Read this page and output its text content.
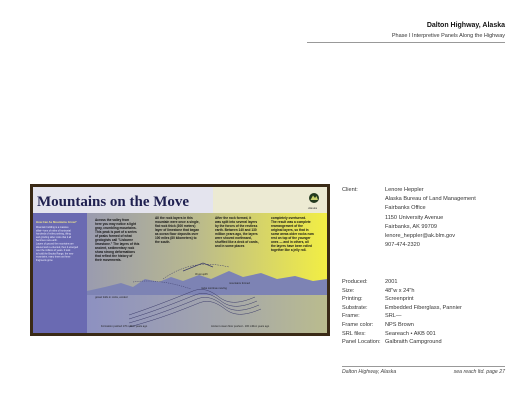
Dalton Highway, Alaska
Phase I Interpretive Panels Along the Highway
Mountains on the Move	Alaska
How Can As Mountains Grow?
Mountain building is a massive
affair—tens of miles of horizontal
hundreds of miles pushing, tilting
and grinding older rocks that it all
becomes new earth.
Layers of ground the mountains are
altered and re-oriented, then it emerged
over the millions of years. It took
to build the Brooks Range, the new
mountains, many times as these
fragments grow.
Across the valley from
here you may notice a light
gray, crumbling mountains.
This peak is part of a series
of peaks formed of what
geologists call "Lisburne
limestone." The layers of this
ancient, sedimentary rock
show strong deformations
that reflect the history of
their movements.
All the rock layers in this
mountain were once a single,
flat rock thick (300 meters)
layer of limestone that began
as ocean floor deposits over
100 miles (80 kilometers) to
the south.
After the rock formed, it
was split into several layers
by the forces of the restless
earth. Between 140 and 130
million years ago, the layers
were shoved northward,
shuffled like a deck of cards,
and in some places
completely overturned.
The result was a complete
rearrangement of the
original layers, so that in
some areas older rocks now
rest on top of the younger
ones — and in others, all
the layers have been rolled
together like a jelly roll.
thrust uplift
gravel folds in rocks, eroded
rocks continue moving
mountains formed
Formation pushed 170 million years ago	Ancient ocean floor pushed - 100 million years ago
Client:	Lenore Heppler
Alaska Bureau of Land Management
Fairbanks Office
1150 University Avenue
Fairbanks, AK 99709
lenore_heppler@ak.blm.gov
907-474-2320
Produced:	2001
Size:	48"w x 24"h
Printing:	Screenprint
Substrate:	Embedded Fiberglass, Pannier
Frame:	SRL—
Frame color: NPS Brown
SRL files:	Seareach • AKB 001
Panel Location: Galbraith Campground
Dalton Highway, Alaska	sea reach ltd. page 27
